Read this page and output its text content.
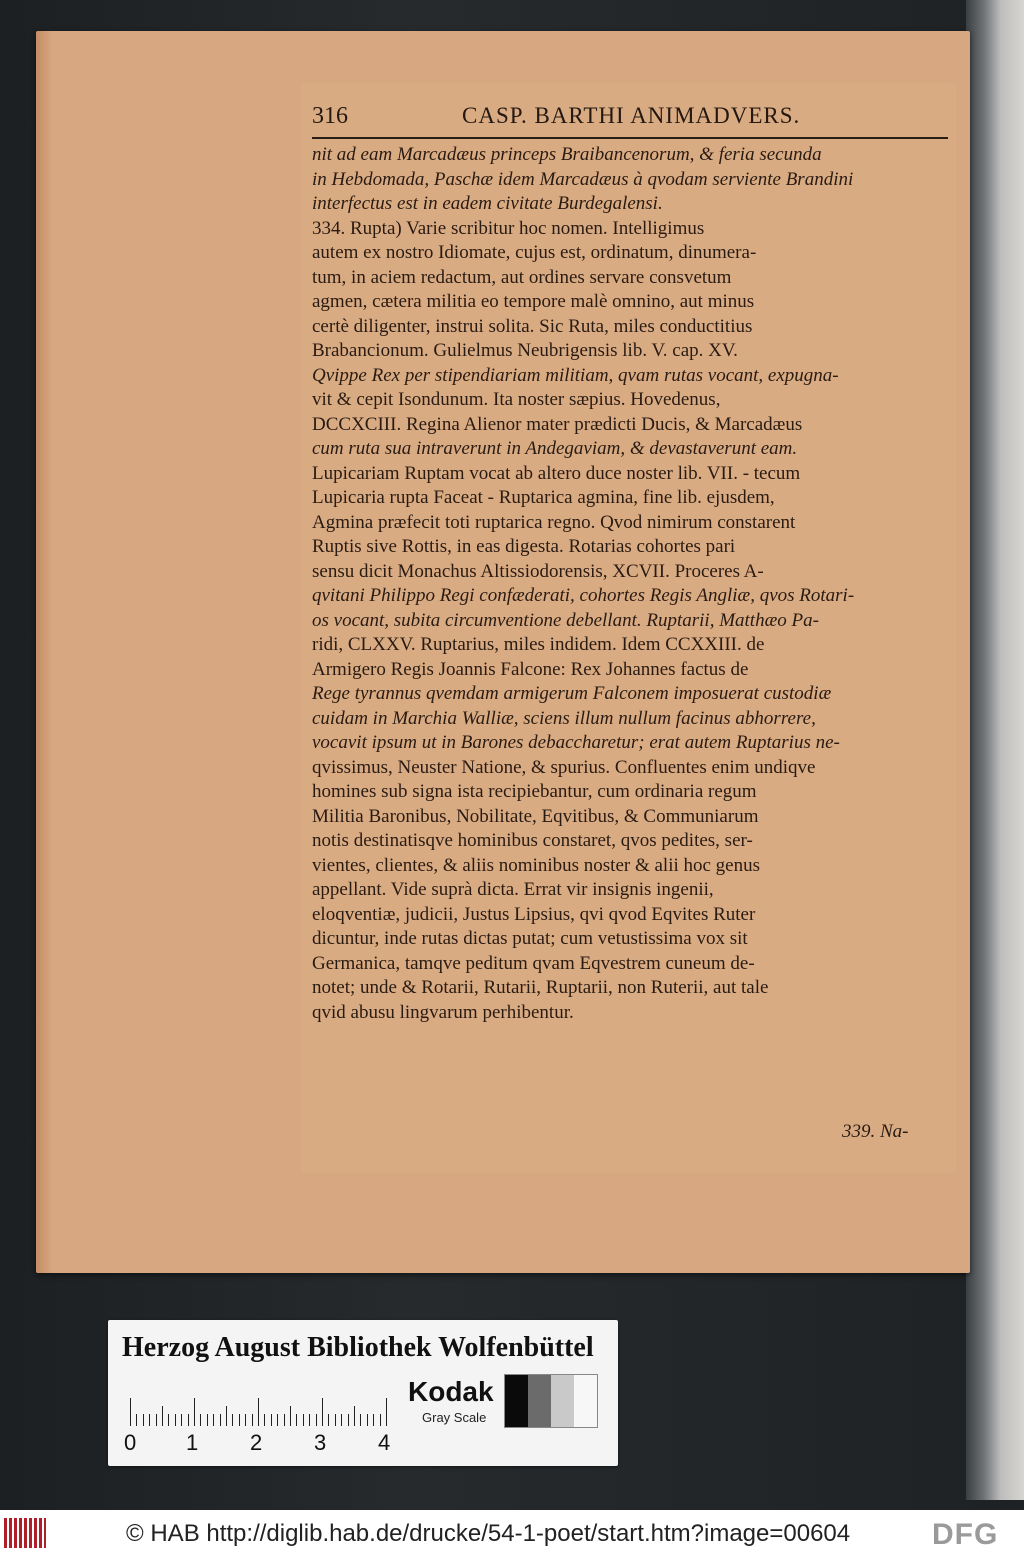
316	CASP. BARTHI ANIMADVERS.
nit ad eam Marcadæus princeps Braibancenorum, & feria secunda
in Hebdomada, Paschæ idem Marcadæus à qvodam serviente Brandini
interfectus est in eadem civitate Burdegalensi.
334. Rupta) Varie scribitur hoc nomen. Intelligimus
autem ex nostro Idiomate, cujus est, ordinatum, dinumera-
tum, in aciem redactum, aut ordines servare consvetum
agmen, cætera militia eo tempore malè omnino, aut minus
certè diligenter, instrui solita. Sic Ruta, miles conductitius
Brabancionum. Gulielmus Neubrigensis lib. V. cap. XV.
Qvippe Rex per stipendiariam militiam, qvam rutas vocant, expugna-
vit & cepit Isondunum. Ita noster sæpius. Hovedenus,
DCCXCIII. Regina Alienor mater prædicti Ducis, & Marcadæus
cum ruta sua intraverunt in Andegaviam, & devastaverunt eam.
Lupicariam Ruptam vocat ab altero duce noster lib. VII. - tecum
Lupicaria rupta Faceat - Ruptarica agmina, fine lib. ejusdem,
Agmina præfecit toti ruptarica regno. Qvod nimirum constarent
Ruptis sive Rottis, in eas digesta. Rotarias cohortes pari
sensu dicit Monachus Altissiodorensis, XCVII. Proceres A-
qvitani Philippo Regi confæderati, cohortes Regis Angliæ, qvos Rotari-
os vocant, subita circumventione debellant. Ruptarii, Matthæo Pa-
ridi, CLXXV. Ruptarius, miles indidem. Idem CCXXIII. de
Armigero Regis Joannis Falcone: Rex Johannes factus de
Rege tyrannus qvemdam armigerum Falconem imposuerat custodiæ
cuidam in Marchia Walliæ, sciens illum nullum facinus abhorrere,
vocavit ipsum ut in Barones debaccharetur; erat autem Ruptarius ne-
qvissimus, Neuster Natione, & spurius. Confluentes enim undiqve
homines sub signa ista recipiebantur, cum ordinaria regum
Militia Baronibus, Nobilitate, Eqvitibus, & Communiarum
notis destinatisqve hominibus constaret, qvos pedites, ser-
vientes, clientes, & aliis nominibus noster & alii hoc genus
appellant. Vide suprà dicta. Errat vir insignis ingenii,
eloqventiæ, judicii, Justus Lipsius, qvi qvod Eqvites Ruter
dicuntur, inde rutas dictas putat; cum vetustissima vox sit
Germanica, tamqve peditum qvam Eqvestrem cuneum de-
notet; unde & Rotarii, Rutarii, Ruptarii, non Ruterii, aut tale
qvid abusu lingvarum perhibentur.
339. Na-
Herzog August Bibliothek Wolfenbüttel
0 1 2 3 4
Kodak
Gray Scale
© HAB http://diglib.hab.de/drucke/54-1-poet/start.htm?image=00604	DFG
